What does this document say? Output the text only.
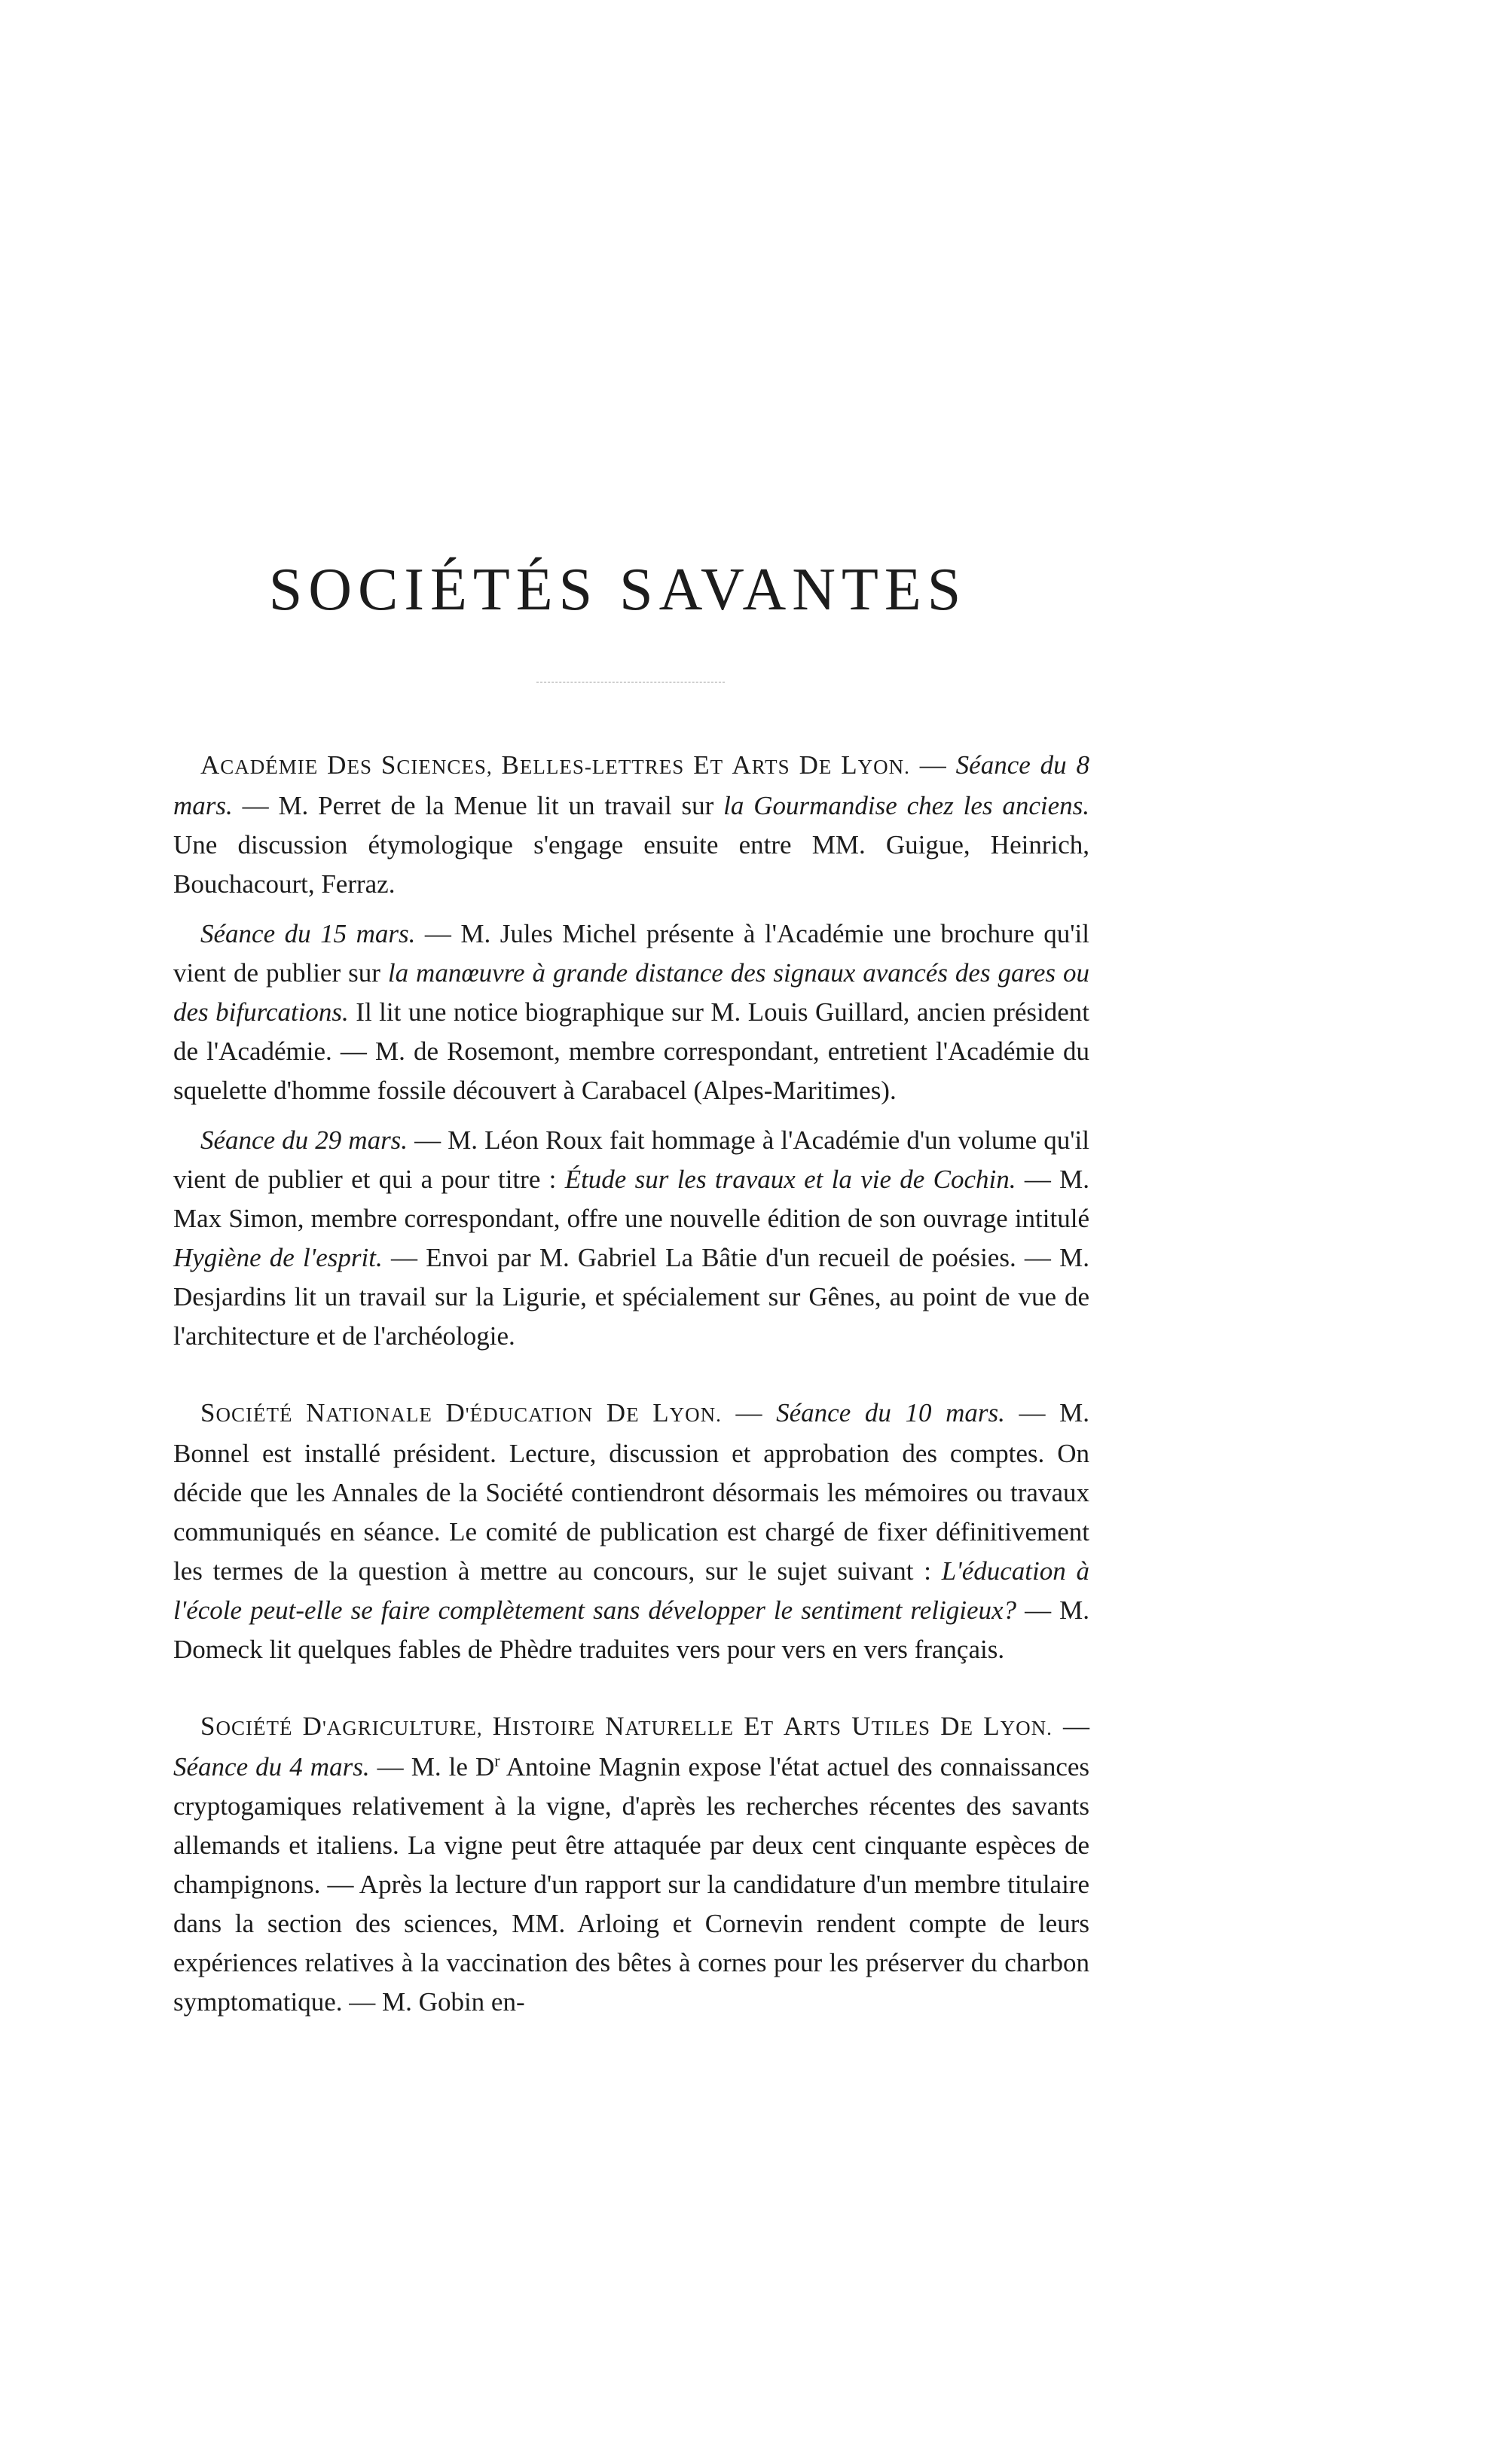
SOCIÉTÉS SAVANTES

ACADÉMIE DES SCIENCES, BELLES-LETTRES ET ARTS DE LYON. — Séance du 8 mars. — M. Perret de la Menue lit un travail sur la Gourmandise chez les anciens. Une discussion étymologique s'engage ensuite entre MM. Guigue, Heinrich, Bouchacourt, Ferraz.

Séance du 15 mars. — M. Jules Michel présente à l'Académie une brochure qu'il vient de publier sur la manœuvre à grande distance des signaux avancés des gares ou des bifurcations. Il lit une notice biographique sur M. Louis Guillard, ancien président de l'Académie. — M. de Rosemont, membre correspondant, entretient l'Académie du squelette d'homme fossile découvert à Carabacel (Alpes-Maritimes).

Séance du 29 mars. — M. Léon Roux fait hommage à l'Académie d'un volume qu'il vient de publier et qui a pour titre : Étude sur les travaux et la vie de Cochin. — M. Max Simon, membre correspondant, offre une nouvelle édition de son ouvrage intitulé Hygiène de l'esprit. — Envoi par M. Gabriel La Bâtie d'un recueil de poésies. — M. Desjardins lit un travail sur la Ligurie, et spécialement sur Gênes, au point de vue de l'architecture et de l'archéologie.

SOCIÉTÉ NATIONALE D'ÉDUCATION DE LYON. — Séance du 10 mars. — M. Bonnel est installé président. Lecture, discussion et approbation des comptes. On décide que les Annales de la Société contiendront désormais les mémoires ou travaux communiqués en séance. Le comité de publication est chargé de fixer définitivement les termes de la question à mettre au concours, sur le sujet suivant : L'éducation à l'école peut-elle se faire complètement sans développer le sentiment religieux? — M. Domeck lit quelques fables de Phèdre traduites vers pour vers en vers français.

SOCIÉTÉ D'AGRICULTURE, HISTOIRE NATURELLE ET ARTS UTILES DE LYON. — Séance du 4 mars. — M. le $D^r$ Antoine Magnin expose l'état actuel des connaissances cryptogamiques relativement à la vigne, d'après les recherches récentes des savants allemands et italiens. La vigne peut être attaquée par deux cent cinquante espèces de champignons. — Après la lecture d'un rapport sur la candidature d'un membre titulaire dans la section des sciences, MM. Arloing et Cornevin rendent compte de leurs expériences relatives à la vaccination des bêtes à cornes pour les préserver du charbon symptomatique. — M. Gobin en-
